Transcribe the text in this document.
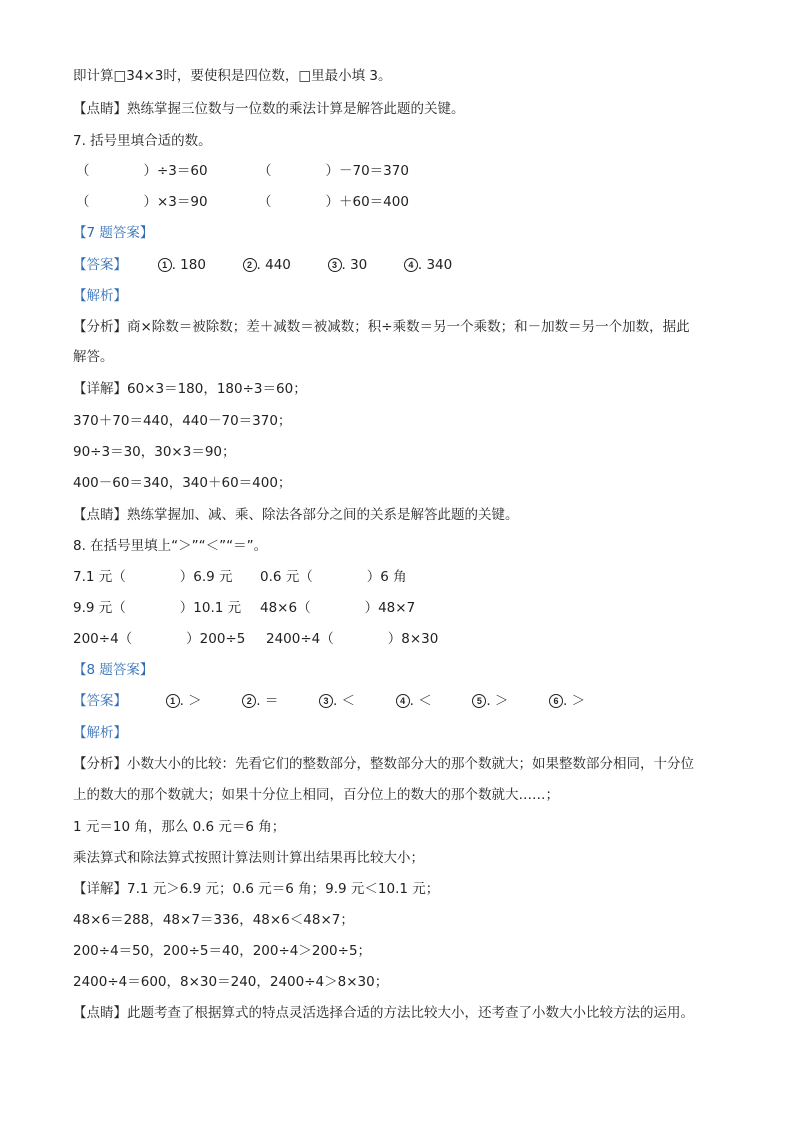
即计算□34×3时，要使积是四位数，□里最小填 3。
【点睛】熟练掌握三位数与一位数的乘法计算是解答此题的关键。
7. 括号里填合适的数。
（　　　　）÷3＝60	（　　　　）－70＝370
（　　　　）×3＝90	（　　　　）＋60＝400
【7 题答案】
【答案】	1 . 180	2 . 440	3 . 30	4 . 340
【解析】
【分析】商×除数＝被除数；差＋减数＝被减数；积÷乘数＝另一个乘数；和－加数＝另一个加数，据此
解答。
【详解】60×3＝180，180÷3＝60；
370＋70＝440，440－70＝370；
90÷3＝30，30×3＝90；
400－60＝340，340＋60＝400；
【点睛】熟练掌握加、减、乘、除法各部分之间的关系是解答此题的关键。
8. 在括号里填上“＞”“＜”“＝”。
7.1 元（　　　　）6.9 元 0.6 元（　　　　）6 角
9.9 元（　　　　）10.1 元 48×6（　　　　）48×7
200÷4（　　　　）200÷5 2400÷4（　　　　）8×30
【8 题答案】
【答案】	1 . ＞	2 . ＝	3 . ＜	4 . ＜	5 . ＞	6 . ＞
【解析】
【分析】小数大小的比较：先看它们的整数部分，整数部分大的那个数就大；如果整数部分相同，十分位
上的数大的那个数就大；如果十分位上相同，百分位上的数大的那个数就大……；
1 元＝10 角，那么 0.6 元＝6 角；
乘法算式和除法算式按照计算法则计算出结果再比较大小；
【详解】7.1 元＞6.9 元；0.6 元＝6 角；9.9 元＜10.1 元；
48×6＝288，48×7＝336，48×6＜48×7；
200÷4＝50，200÷5＝40，200÷4＞200÷5；
2400÷4＝600，8×30＝240，2400÷4＞8×30；
【点睛】此题考查了根据算式的特点灵活选择合适的方法比较大小，还考查了小数大小比较方法的运用。
